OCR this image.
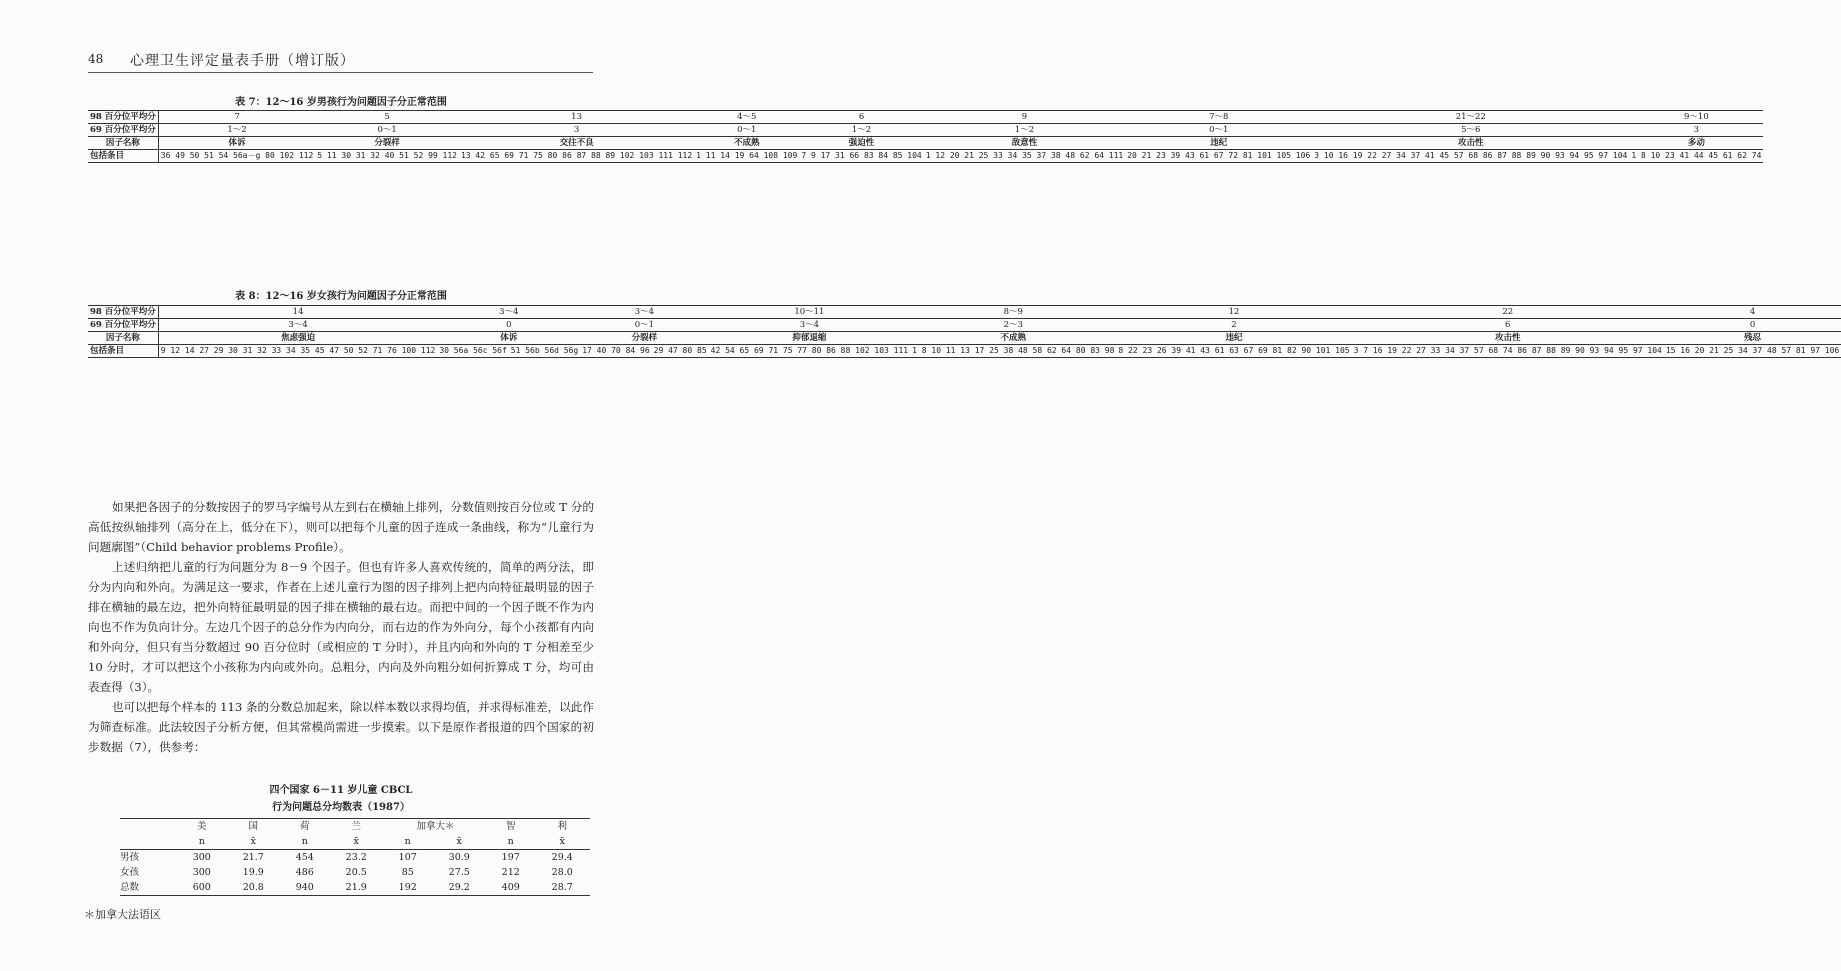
48 心理卫生评定量表手册（增订版）
表 7：12～16 岁男孩行为问题因子分正常范围
98 百分位平均分	7	5	13	4～5	6	9	7～8	21～22	9～10
69 百分位平均分	1～2	0～1	3	0～1	1～2	1～2	0～1	5～6	3
因子名称	体诉	分裂样	交往不良	不成熟	强迫性	敌意性	违纪	攻击性	多动
包括条目	36 49 50 51 54 56a－g 80 102 112	5 11 30 31 32 40 51 52 99 112	13 42 65 69 71 75 80 86 87 88 89 102 103 111 112	1 11 14 19 64 108 109	7 9 17 31 66 83 84 85 104	1 12 20 21 25 33 34 35 37 38 48 62 64 111	20 21 23 39 43 61 67 72 81 101 105 106	3 10 16 19 22 27 34 37 41 45 57 68 86 87 88 89 90 93 94 95 97 104	1 8 10 23 41 44 45 61 62 74
表 8：12～16 岁女孩行为问题因子分正常范围
98 百分位平均分	14	3～4		3～4		10～11	8～9	12	22	4
69 百分位平均分	3～4	0		0～1		3～4	2～3	2	6	0
因子名称	焦虑强迫	体诉		分裂样		抑郁退缩	不成熟	违纪	攻击性	残忍
包括条目	9 12 14 27 29 30 31 32 33 34 35 45 47 50 52 71 76 100 112	30 56a 56c 56f	51 56b 56d 56g	17 40 70 84 96	29 47 80 85	42 54 65 69 71 75 77 80 86 88 102 103 111	1 8 10 11 13 17 25 38 48 58 62 64 80 83 98	8 22 23 26 39 41 43 61 63 67 69 81 82 90 101 105	3 7 16 19 22 27 33 34 37 57 68 74 86 87 88 89 90 93 94 95 97 104	15 16 20 21 25 34 37 48 57 81 97 106

如果把各因子的分数按因子的罗马字编号从左到右在横轴上排列，分数值则按百分位或 T 分的高低按纵轴排列（高分在上，低分在下），则可以把每个儿童的因子连成一条曲线，称为“儿童行为问题廓图”（Child behavior problems Profile）。

上述归纳把儿童的行为问题分为 8－9 个因子。但也有许多人喜欢传统的，简单的两分法，即分为内向和外向。为满足这一要求，作者在上述儿童行为图的因子排列上把内向特征最明显的因子排在横轴的最左边，把外向特征最明显的因子排在横轴的最右边。而把中间的一个因子既不作为内向也不作为负向计分。左边几个因子的总分作为内向分，而右边的作为外向分，每个小孩都有内向和外向分，但只有当分数超过 90 百分位时（或相应的 T 分时），并且内向和外向的 T 分相差至少 10 分时，才可以把这个小孩称为内向或外向。总粗分，内向及外向粗分如何折算成 T 分，均可由表查得（3）。

也可以把每个样本的 113 条的分数总加起来，除以样本数以求得均值，并求得标准差，以此作为筛查标准。此法较因子分析方便，但其常模尚需进一步摸索。以下是原作者报道的四个国家的初步数据（7），供参考：

四个国家 6－11 岁儿童 CBCL
行为问题总分均数表（1987）
	美	国	荷	兰	加拿大＊		智	利
	n	x̄	n	x̄	n	x̄	n	x̄
男孩	300	21.7	454	23.2	107	30.9	197	29.4
女孩	300	19.9	486	20.5	85	27.5	212	28.0
总数	600	20.8	940	21.9	192	29.2	409	28.7
＊加拿大法语区
